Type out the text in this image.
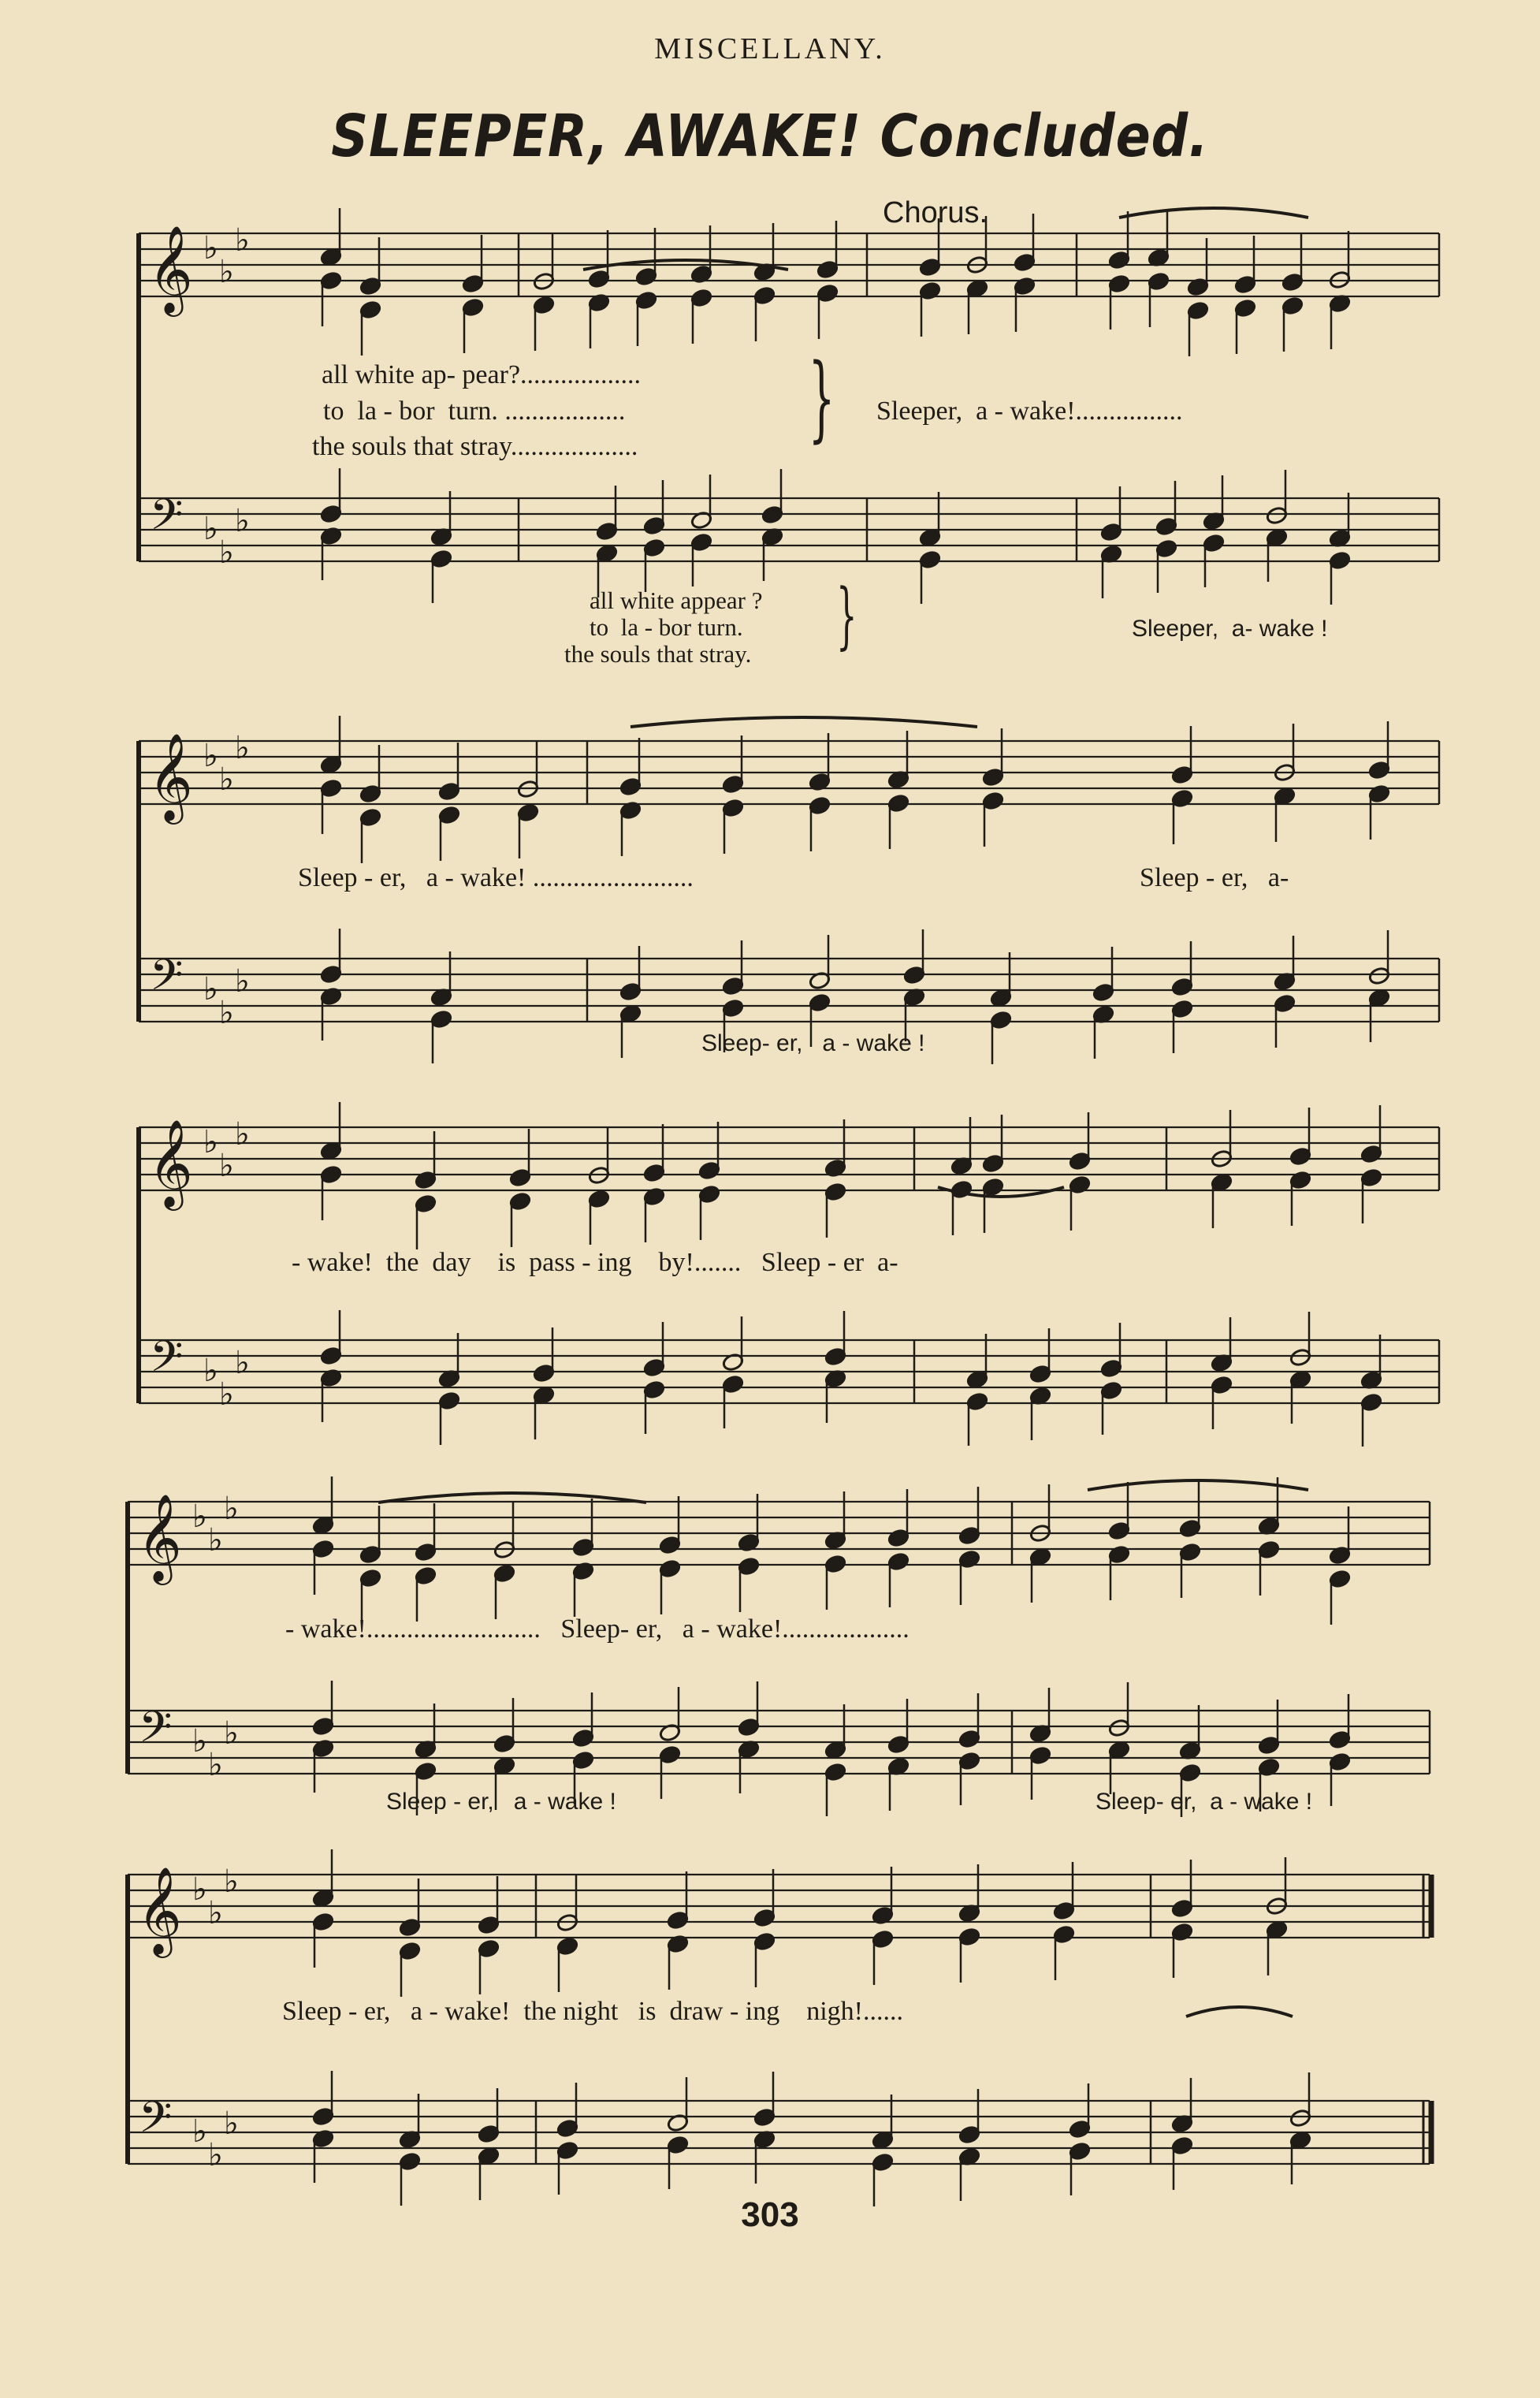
MISCELLANY.
SLEEPER, AWAKE! Concluded.
Chorus.
all white ap- pear?..................
to  la - bor  turn. ..................
the souls that stray................... } Sleeper,  a - wake!................
all white appear ?
to  la - bor turn.
the souls that stray. }	Sleeper,  a- wake !
Sleep - er,   a - wake! ........................	Sleep - er,   a-
Sleep- er,   a - wake !
- wake!  the  day    is  pass - ing    by!.......   Sleep - er  a-
- wake!..........................   Sleep- er,   a - wake!...................
Sleep - er,   a - wake !	Sleep- er,  a - wake !
Sleep - er,   a - wake!  the night   is  draw - ing    nigh!......
303
𝄞 ♭
♭
♭
𝄢 ♭
♭
♭
𝄞 ♭
♭
♭
𝄢 ♭
♭
♭
𝄞 ♭
♭
♭
𝄢 ♭
♭
♭
𝄞 ♭
♭
♭
𝄢 ♭
♭
♭
𝄞 ♭
♭
♭
𝄢 ♭
♭
♭
